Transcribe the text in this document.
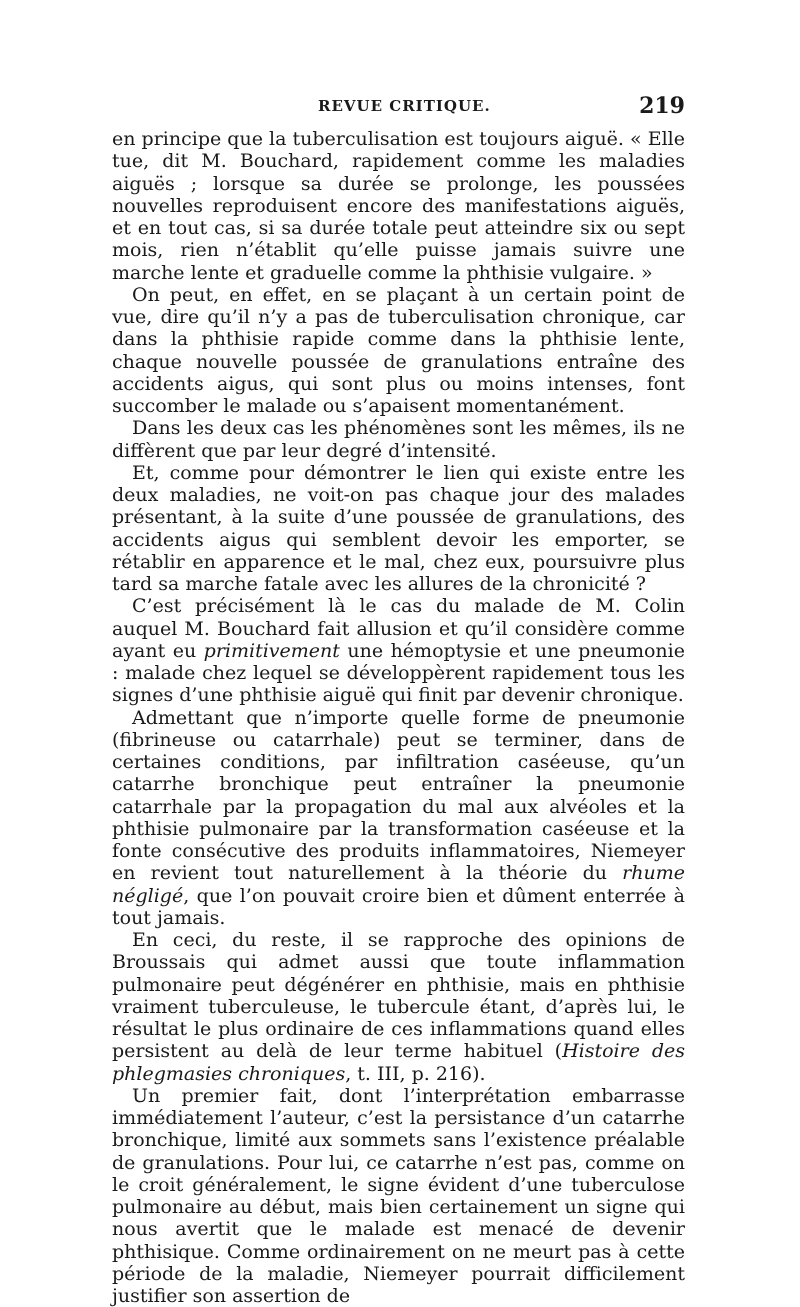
REVUE CRITIQUE.	219

en principe que la tuberculisation est toujours aiguë. « Elle tue, dit M. Bouchard, rapidement comme les maladies aiguës ; lorsque sa durée se prolonge, les poussées nouvelles reproduisent encore des manifestations aiguës, et en tout cas, si sa durée totale peut atteindre six ou sept mois, rien n’établit qu’elle puisse jamais suivre une marche lente et graduelle comme la phthisie vulgaire. »

On peut, en effet, en se plaçant à un certain point de vue, dire qu’il n’y a pas de tuberculisation chronique, car dans la phthisie rapide comme dans la phthisie lente, chaque nouvelle poussée de granulations entraîne des accidents aigus, qui sont plus ou moins intenses, font succomber le malade ou s’apaisent momentanément.

Dans les deux cas les phénomènes sont les mêmes, ils ne diffèrent que par leur degré d’intensité.

Et, comme pour démontrer le lien qui existe entre les deux maladies, ne voit-on pas chaque jour des malades présentant, à la suite d’une poussée de granulations, des accidents aigus qui semblent devoir les emporter, se rétablir en apparence et le mal, chez eux, poursuivre plus tard sa marche fatale avec les allures de la chronicité ?

C’est précisément là le cas du malade de M. Colin auquel M. Bouchard fait allusion et qu’il considère comme ayant eu primitivement une hémoptysie et une pneumonie : malade chez lequel se développèrent rapidement tous les signes d’une phthisie aiguë qui finit par devenir chronique.

Admettant que n’importe quelle forme de pneumonie (fibrineuse ou catarrhale) peut se terminer, dans de certaines conditions, par infiltration caséeuse, qu’un catarrhe bronchique peut entraîner la pneumonie catarrhale par la propagation du mal aux alvéoles et la phthisie pulmonaire par la transformation caséeuse et la fonte consécutive des produits inflammatoires, Niemeyer en revient tout naturellement à la théorie du rhume négligé, que l’on pouvait croire bien et dûment enterrée à tout jamais.

En ceci, du reste, il se rapproche des opinions de Broussais qui admet aussi que toute inflammation pulmonaire peut dégénérer en phthisie, mais en phthisie vraiment tuberculeuse, le tubercule étant, d’après lui, le résultat le plus ordinaire de ces inflammations quand elles persistent au delà de leur terme habituel (Histoire des phlegmasies chroniques, t. III, p. 216).

Un premier fait, dont l’interprétation embarrasse immédiatement l’auteur, c’est la persistance d’un catarrhe bronchique, limité aux sommets sans l’existence préalable de granulations. Pour lui, ce catarrhe n’est pas, comme on le croit généralement, le signe évident d’une tuberculose pulmonaire au début, mais bien certainement un signe qui nous avertit que le malade est menacé de devenir phthisique. Comme ordinairement on ne meurt pas à cette période de la maladie, Niemeyer pourrait difficilement justifier son assertion de
